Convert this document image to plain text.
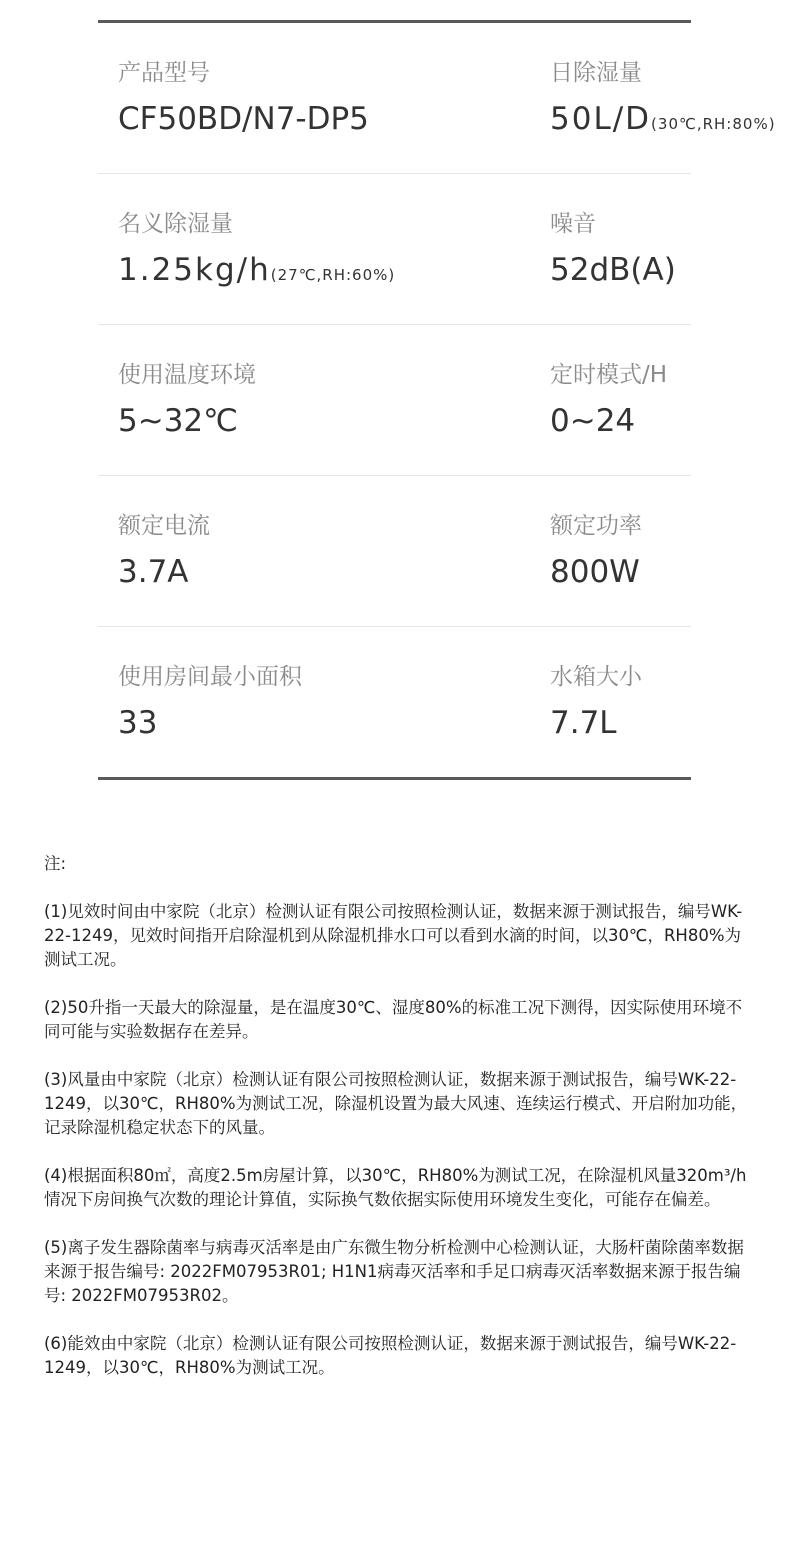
产品型号
CF50BD/N7-DP5
日除湿量
50L/D(30℃,RH:80%)
名义除湿量
1.25kg/h(27℃,RH:60%)
噪音
52dB(A)
使用温度环境
5~32℃
定时模式/H
0~24
额定电流
3.7A
额定功率
800W
使用房间最小面积
33
水箱大小
7.7L

注:

(1)见效时间由中家院（北京）检测认证有限公司按照检测认证，数据来源于测试报告，编号WK-22-1249，见效时间指开启除湿机到从除湿机排水口可以看到水滴的时间，以30℃，RH80%为测试工况。

(2)50升指一天最大的除湿量，是在温度30℃、湿度80%的标准工况下测得，因实际使用环境不同可能与实验数据存在差异。

(3)风量由中家院（北京）检测认证有限公司按照检测认证，数据来源于测试报告，编号WK-22-1249，以30℃，RH80%为测试工况，除湿机设置为最大风速、连续运行模式、开启附加功能，记录除湿机稳定状态下的风量。

(4)根据面积80㎡，高度2.5m房屋计算，以30℃，RH80%为测试工况，在除湿机风量320m³/h情况下房间换气次数的理论计算值，实际换气数依据实际使用环境发生变化，可能存在偏差。

(5)离子发生器除菌率与病毒灭活率是由广东微生物分析检测中心检测认证，大肠杆菌除菌率数据来源于报告编号: 2022FM07953R01; H1N1病毒灭活率和手足口病毒灭活率数据来源于报告编号: 2022FM07953R02。

(6)能效由中家院（北京）检测认证有限公司按照检测认证，数据来源于测试报告，编号WK-22-1249，以30℃，RH80%为测试工况。
